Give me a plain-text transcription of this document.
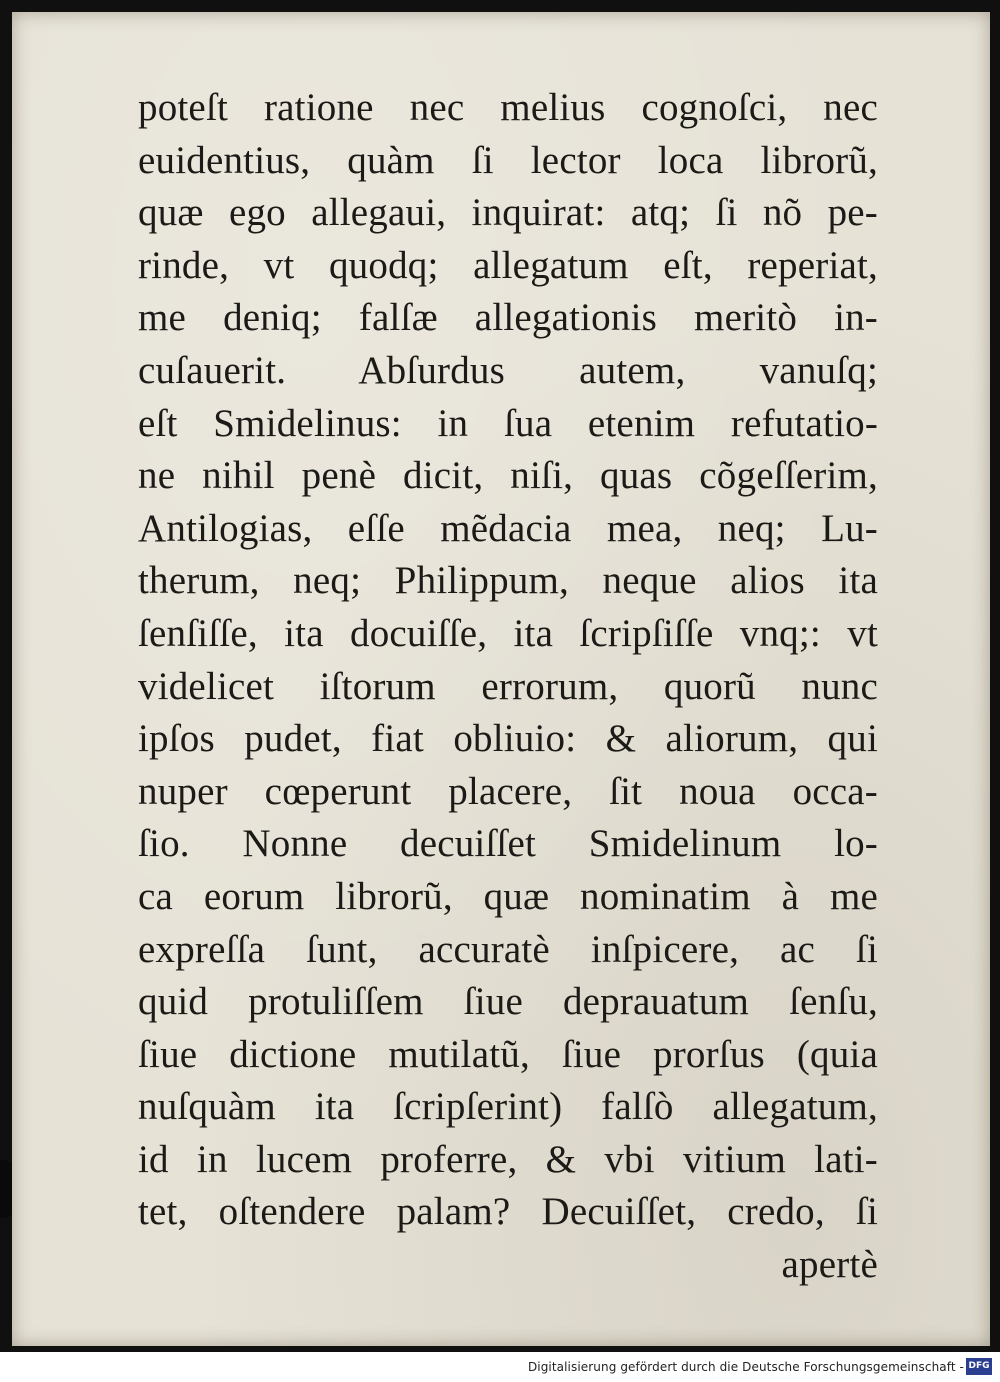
poteſt ratione nec melius cognoſci, nec
euidentius, quàm ſi lector loca librorũ,
quæ ego allegaui, inquirat: atq; ſi nõ pe-
rinde, vt quodq; allegatum eſt, reperiat,
me deniq; falſæ allegationis meritò in-
cuſauerit. Abſurdus autem, vanuſq;
eſt Smidelinus: in ſua etenim refutatio-
ne nihil penè dicit, niſi, quas cõgeſſerim,
Antilogias, eſſe mẽdacia mea, neq; Lu-
therum, neq; Philippum, neque alios ita
ſenſiſſe, ita docuiſſe, ita ſcripſiſſe vnq;: vt
videlicet iſtorum errorum, quorũ nunc
ipſos pudet, fiat obliuio: & aliorum, qui
nuper cœperunt placere, ſit noua occa-
ſio. Nonne decuiſſet Smidelinum lo-
ca eorum librorũ, quæ nominatim à me
expreſſa ſunt, accuratè inſpicere, ac ſi
quid protuliſſem ſiue deprauatum ſenſu,
ſiue dictione mutilatũ, ſiue prorſus (quia
nuſquàm ita ſcripſerint) falſò allegatum,
id in lucem proferre, & vbi vitium lati-
tet, oſtendere palam? Decuiſſet, credo, ſi
apertè
Digitalisierung gefördert durch die Deutsche Forschungsgemeinschaft - DFG
